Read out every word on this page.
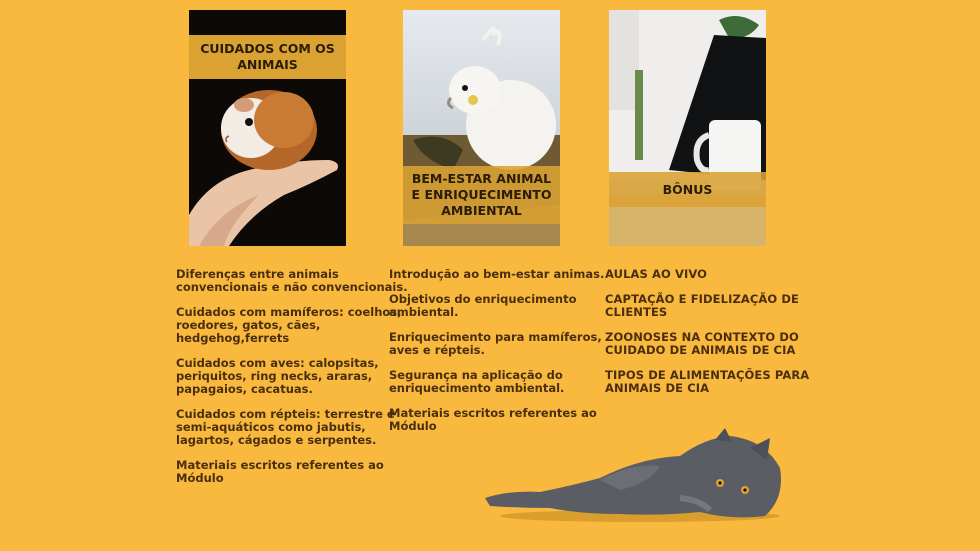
CUIDADOS COM OS ANIMAIS
BEM-ESTAR ANIMAL E ENRIQUECIMENTO AMBIENTAL
BÔNUS

Diferenças entre animais
convencionais e não convencionais.

Cuidados com mamíferos: coelhos,
roedores, gatos, cães,
hedgehog,ferrets

Cuidados com aves: calopsitas,
periquitos, ring necks, araras,
papagaios, cacatuas.

Cuidados com répteis: terrestre e
semi-aquáticos como jabutis,
lagartos, cágados e serpentes.

Materiais escritos referentes ao
Módulo

Introdução ao bem-estar animas.

Objetivos do enriquecimento
ambiental.

Enriquecimento para mamíferos,
aves e répteis.

Segurança na aplicação do
enriquecimento ambiental.

Materiais escritos referentes ao
Módulo

AULAS AO VIVO

CAPTAÇÃO E FIDELIZAÇÃO DE
CLIENTES

ZOONOSES NA CONTEXTO DO
CUIDADO DE ANIMAIS DE CIA

TIPOS DE ALIMENTAÇÕES PARA
ANIMAIS DE CIA
